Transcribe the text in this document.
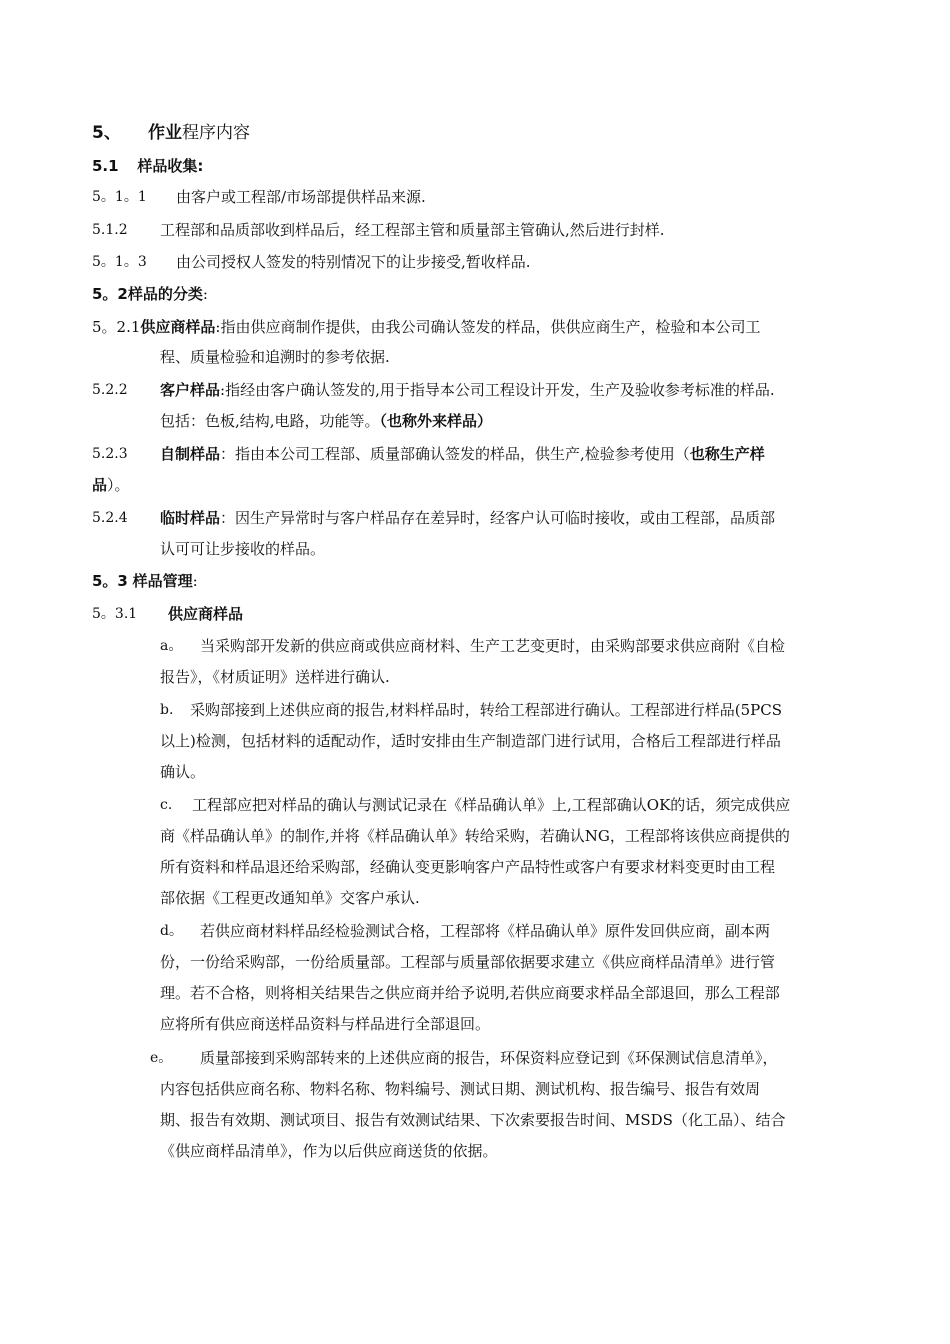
5、 作业程序内容
5.1 样品收集:
5。1。1 由客户或工程部/市场部提供样品来源.
5.1.2 工程部和品质部收到样品后，经工程部主管和质量部主管确认,然后进行封样.
5。1。3 由公司授权人签发的特别情况下的让步接受,暂收样品.
5。2样品的分类:
5。2.1供应商样品:指由供应商制作提供，由我公司确认签发的样品，供供应商生产，检验和本公司工
程、质量检验和追溯时的参考依据.
5.2.2 客户样品:指经由客户确认签发的,用于指导本公司工程设计开发，生产及验收参考标准的样品.
包括：色板,结构,电路，功能等。（也称外来样品）
5.2.3 自制样品：指由本公司工程部、质量部确认签发的样品，供生产,检验参考使用（也称生产样
品）。
5.2.4 临时样品：因生产异常时与客户样品存在差异时，经客户认可临时接收，或由工程部，品质部
认可可让步接收的样品。
5。3 样品管理:
5。3.1 供应商样品
a。 当采购部开发新的供应商或供应商材料、生产工艺变更时，由采购部要求供应商附《自检
报告》，《材质证明》送样进行确认.
b. 采购部接到上述供应商的报告,材料样品时，转给工程部进行确认。工程部进行样品(5PCS
以上)检测，包括材料的适配动作，适时安排由生产制造部门进行试用，合格后工程部进行样品
确认。
c. 工程部应把对样品的确认与测试记录在《样品确认单》上,工程部确认OK的话，须完成供应
商《样品确认单》的制作,并将《样品确认单》转给采购，若确认NG，工程部将该供应商提供的
所有资料和样品退还给采购部，经确认变更影响客户产品特性或客户有要求材料变更时由工程
部依据《工程更改通知单》交客户承认.
d。 若供应商材料样品经检验测试合格，工程部将《样品确认单》原件发回供应商，副本两
份，一份给采购部，一份给质量部。工程部与质量部依据要求建立《供应商样品清单》进行管
理。若不合格，则将相关结果告之供应商并给予说明,若供应商要求样品全部退回，那么工程部
应将所有供应商送样品资料与样品进行全部退回。
e。 质量部接到采购部转来的上述供应商的报告，环保资料应登记到《环保测试信息清单》，
内容包括供应商名称、物料名称、物料编号、测试日期、测试机构、报告编号、报告有效周
期、报告有效期、测试项目、报告有效测试结果、下次索要报告时间、MSDS（化工品）、结合
《供应商样品清单》，作为以后供应商送货的依据。
